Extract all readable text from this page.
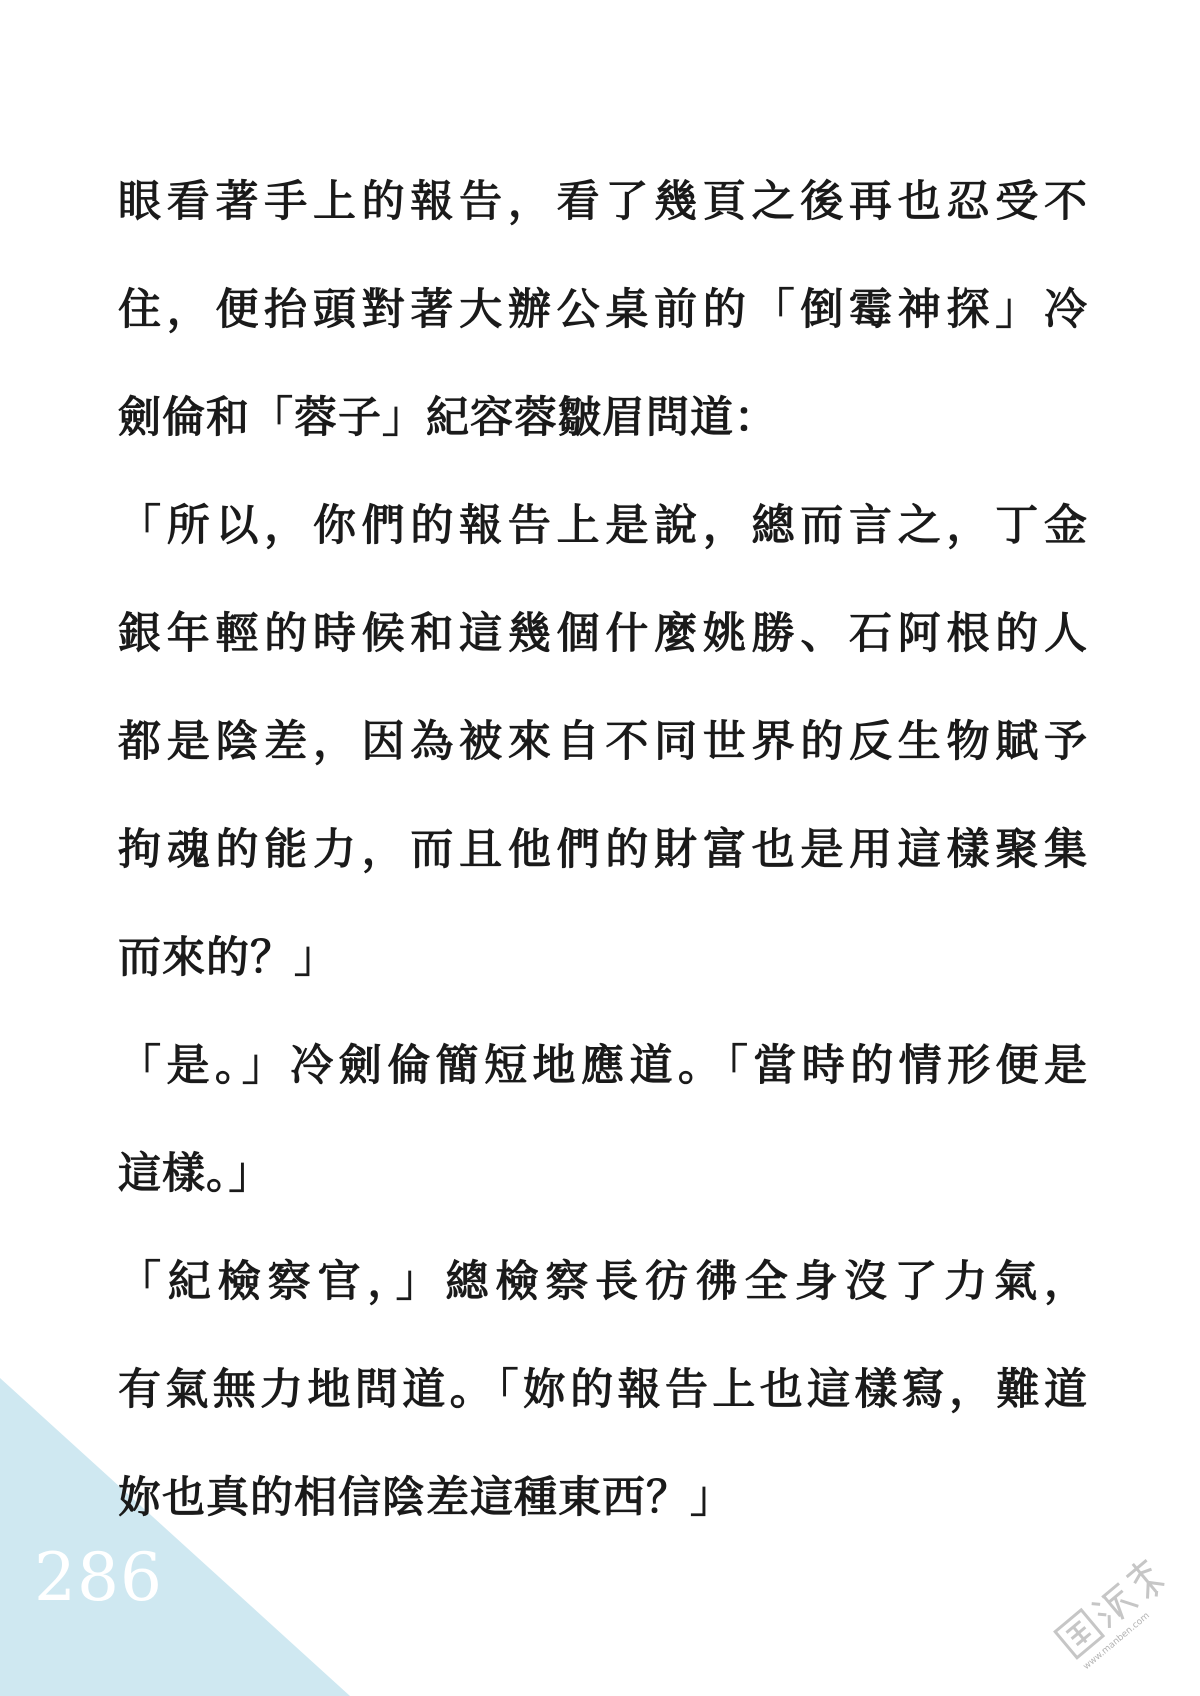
眼看著手上的報告，看了幾頁之後再也忍受不
住，便抬頭對著大辦公桌前的「倒霉神探」冷
劍倫和「蓉子」紀容蓉皺眉問道：
「所以，你們的報告上是說，總而言之，丁金
銀年輕的時候和這幾個什麼姚勝、石阿根的人
都是陰差，因為被來自不同世界的反生物賦予
拘魂的能力，而且他們的財富也是用這樣聚集
而來的？」
「是。」冷劍倫簡短地應道。「當時的情形便是
這樣。」
「紀檢察官，」總檢察長彷彿全身沒了力氣，
有氣無力地問道。「妳的報告上也這樣寫，難道
妳也真的相信陰差這種東西？」
286
www.manben.com
